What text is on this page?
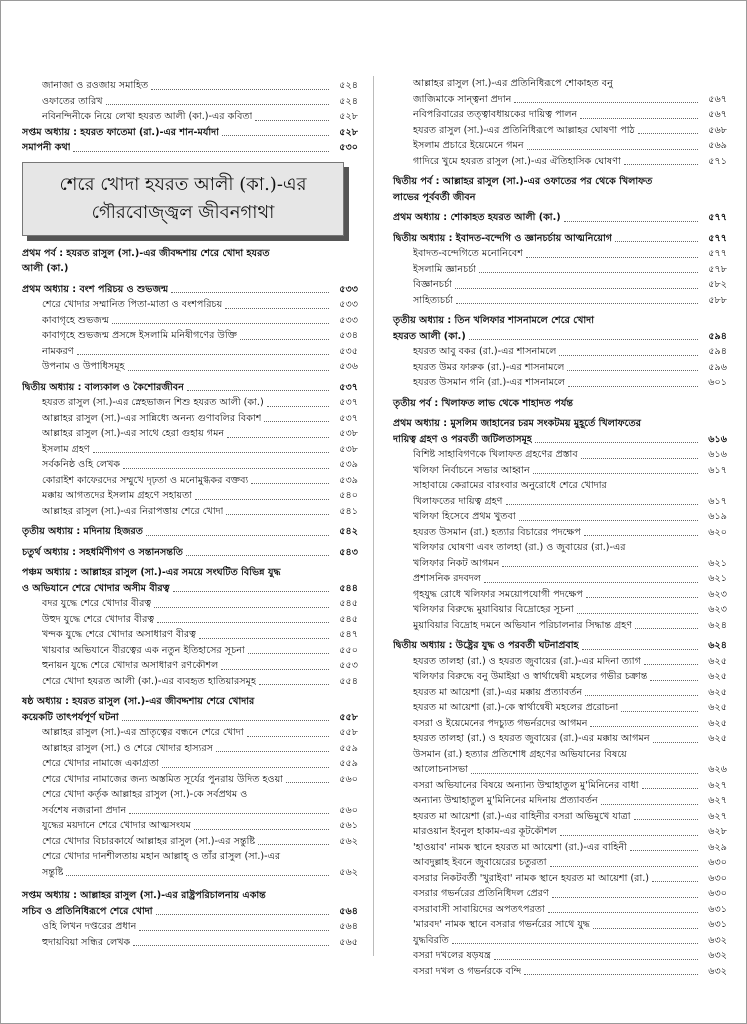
জানাজা ও রওজায় সমাহিত	৫২৪
ওফাতের তারিখ	৫২৪
নবিনন্দিনীকে নিয়ে লেখা হযরত আলী (কা.)-এর কবিতা	৫২৮
সপ্তম অধ্যায় : হযরত ফাতেমা (রা.)-এর শান-মর্যাদা	৫২৮
সমাপনী কথা	৫৩০
শেরে খোদা হযরত আলী (কা.)-এর
গৌরবোজ্জ্বল জীবনগাথা
প্রথম পর্ব : হযরত রাসুল (সা.)-এর জীবদ্দশায় শেরে খোদা হযরত
আলী (কা.)
প্রথম অধ্যায় : বংশ পরিচয় ও শুভজন্ম	৫৩৩
শেরে খোদার সম্মানিত পিতা-মাতা ও বংশপরিচয়	৫৩৩
কাবাগৃহে শুভজন্ম	৫৩৩
কাবাগৃহে শুভজন্ম প্রসঙ্গে ইসলামি মনিষীগণের উক্তি	৫৩৪
নামকরণ	৫৩৫
উপনাম ও উপাধিসমূহ	৫৩৬
দ্বিতীয় অধ্যায় : বাল্যকাল ও কৈশোরজীবন	৫৩৭
হযরত রাসুল (সা.)-এর স্নেহভাজন শিশু হযরত আলী (কা.)	৫৩৭
আল্লাহর রাসুল (সা.)-এর সান্নিধ্যে অনন্য গুণাবলির বিকাশ	৫৩৭
আল্লাহর রাসুল (সা.)-এর সাথে হেরা গুহায় গমন	৫৩৮
ইসলাম গ্রহণ	৫৩৮
সর্বকনিষ্ঠ ওহি লেখক	৫৩৯
কোরাইশ কাফেরদের সম্মুখে দৃঢ়তা ও মনোমুগ্ধকর বক্তব্য	৫৩৯
মক্কায় আগতদের ইসলাম গ্রহণে সহায়তা	৫৪০
আল্লাহর রাসুল (সা.)-এর নিরাপত্তায় শেরে খোদা	৫৪১
তৃতীয় অধ্যায় : মদিনায় হিজরত	৫৪২
চতুর্থ অধ্যায় : সহধর্মিণীগণ ও সন্তানসন্ততি	৫৪৩
পঞ্চম অধ্যায় : আল্লাহর রাসুল (সা.)-এর সময়ে সংঘটিত বিভিন্ন যুদ্ধ
ও অভিযানে শেরে খোদার অসীম বীরত্ব	৫৪৪
বদর যুদ্ধে শেরে খোদার বীরত্ব	৫৪৫
উহুদ যুদ্ধে শেরে খোদার বীরত্ব	৫৪৫
খন্দক যুদ্ধে শেরে খোদার অসাধারণ বীরত্ব	৫৪৭
খায়বার অভিযানে বীরত্বের এক নতুন ইতিহাসের সূচনা	৫৫০
হুনায়ন যুদ্ধে শেরে খোদার অসাধারণ রণকৌশল	৫৫৩
শেরে খোদা হযরত আলী (কা.)-এর ব্যবহৃত হাতিয়ারসমূহ	৫৫৪
ষষ্ঠ অধ্যায় : হযরত রাসুল (সা.)-এর জীবদ্দশায় শেরে খোদার
কয়েকটি তাৎপর্যপূর্ণ ঘটনা	৫৫৮
আল্লাহর রাসুল (সা.)-এর ভ্রাতৃত্বের বন্ধনে শেরে খোদা	৫৫৮
আল্লাহর রাসুল (সা.) ও শেরে খোদার হাস্যরস	৫৫৯
শেরে খোদার নামাজে একাগ্রতা	৫৫৯
শেরে খোদার নামাজের জন্য অস্তমিত সূর্যের পুনরায় উদিত হওয়া	৫৬০
শেরে খোদা কর্তৃক আল্লাহর রাসুল (সা.)-কে সর্বপ্রথম ও
সর্বশেষ নজরানা প্রদান	৫৬০
যুদ্ধের ময়দানে শেরে খোদার আত্মসংযম	৫৬১
শেরে খোদার বিচারকার্যে আল্লাহর রাসুল (সা.)-এর সন্তুষ্টি	৫৬২
শেরে খোদার দানশীলতায় মহান আল্লাহ্ ও তাঁর রাসুল (সা.)-এর
সন্তুষ্টি	৫৬২
সপ্তম অধ্যায় : আল্লাহর রাসুল (সা.)-এর রাষ্ট্রপরিচালনায় একান্ত
সচিব ও প্রতিনিধিরূপে শেরে খোদা	৫৬৪
ওহি লিখন দপ্তরের প্রধান	৫৬৪
হুদায়বিয়া সন্ধির লেখক	৫৬৫
আল্লাহর রাসুল (সা.)-এর প্রতিনিধিরূপে শোকাহত বনু
জাজিমাকে সান্ত্বনা প্রদান	৫৬৭
নবিপরিবারের তত্ত্বাবধায়কের দায়িত্ব পালন	৫৬৭
হযরত রাসুল (সা.)-এর প্রতিনিধিরূপে আল্লাহর ঘোষণা পাঠ	৫৬৮
ইসলাম প্রচারে ইয়েমেনে গমন	৫৬৯
গাদিরে খুমে হযরত রাসুল (সা.)-এর ঐতিহাসিক ঘোষণা	৫৭১
দ্বিতীয় পর্ব : আল্লাহর রাসুল (সা.)-এর ওফাতের পর থেকে খিলাফত
লাভের পূর্ববর্তী জীবন
প্রথম অধ্যায় : শোকাহত হযরত আলী (কা.)	৫৭৭
দ্বিতীয় অধ্যায় : ইবাদত-বন্দেগি ও জ্ঞানচর্চায় আত্মনিয়োগ	৫৭৭
ইবাদত-বন্দেগিতে মনোনিবেশ	৫৭৭
ইসলামি জ্ঞানচর্চা	৫৭৮
বিজ্ঞানচর্চা	৫৮২
সাহিত্যচর্চা	৫৮৮
তৃতীয় অধ্যায় : তিন খলিফার শাসনামলে শেরে খোদা
হযরত আলী (কা.)	৫৯৪
হযরত আবু বকর (রা.)-এর শাসনামলে	৫৯৪
হযরত উমর ফারুক (রা.)-এর শাসনামলে	৫৯৬
হযরত উসমান গনি (রা.)-এর শাসনামলে	৬০১
তৃতীয় পর্ব : খিলাফত লাভ থেকে শাহাদত পর্যন্ত
প্রথম অধ্যায় : মুসলিম জাহানের চরম সংকটময় মুহূর্তে খিলাফতের
দায়িত্ব গ্রহণ ও পরবর্তী জটিলতাসমূহ	৬১৬
বিশিষ্ট সাহাবিগণকে খিলাফত গ্রহণের প্রস্তাব	৬১৬
খলিফা নির্বাচনে সভার আহ্বান	৬১৭
সাহাবায়ে কেরামের বারংবার অনুরোধে শেরে খোদার
খিলাফতের দায়িত্ব গ্রহণ	৬১৭
খলিফা হিসেবে প্রথম খুতবা	৬১৯
হযরত উসমান (রা.) হত্যার বিচারের পদক্ষেপ	৬২০
খলিফার ঘোষণা এবং তালহা (রা.) ও জুবায়ের (রা.)-এর
খলিফার নিকট আগমন	৬২১
প্রশাসনিক রদবদল	৬২১
গৃহযুদ্ধ রোধে খলিফার সময়োপযোগী পদক্ষেপ	৬২৩
খলিফার বিরুদ্ধে মুয়াবিয়ার বিদ্রোহের সূচনা	৬২৩
মুয়াবিয়ার বিদ্রোহ দমনে অভিযান পরিচালনার সিদ্ধান্ত গ্রহণ	৬২৪
দ্বিতীয় অধ্যায় : উষ্ট্রের যুদ্ধ ও পরবর্তী ঘটনাপ্রবাহ	৬২৪
হযরত তালহা (রা.) ও হযরত জুবায়ের (রা.)-এর মদিনা ত্যাগ	৬২৫
খলিফার বিরুদ্ধে বনু উমাইয়া ও স্বার্থান্বেষী মহলের গভীর চক্রান্ত	৬২৫
হযরত মা আয়েশা (রা.)-এর মক্কায় প্রত্যাবর্তন	৬২৫
হযরত মা আয়েশা (রা.)-কে স্বার্থান্বেষী মহলের প্ররোচনা	৬২৫
বসরা ও ইয়েমেনের পদচ্যুত গভর্নরদের আগমন	৬২৫
হযরত তালহা (রা.) ও হযরত জুবায়ের (রা.)-এর মক্কায় আগমন	৬২৫
উসমান (রা.) হত্যার প্রতিশোধ গ্রহণের অভিযানের বিষয়ে
আলোচনাসভা	৬২৬
বসরা অভিযানের বিষয়ে অন্যান্য উম্মাহাতুল মু'মিনিনের বাধা	৬২৭
অন্যান্য উম্মাহাতুল মু'মিনিনের মদিনায় প্রত্যাবর্তন	৬২৭
হযরত মা আয়েশা (রা.)-এর বাহিনীর বসরা অভিমুখে যাত্রা	৬২৭
মারওয়ান ইবনুল হাকাম-এর কূটকৌশল	৬২৮
'হাওয়াব' নামক স্থানে হযরত মা আয়েশা (রা.)-এর বাহিনী	৬২৯
আবদুল্লাহ ইবনে জুবায়েরের চতুরতা	৬৩০
বসরার নিকটবর্তী 'খুরাইবা' নামক স্থানে হযরত মা আয়েশা (রা.)	৬৩০
বসরার গভর্নরের প্রতিনিধিদল প্রেরণ	৬৩০
বসরাবাসী সাবায়িদের অপতৎপরতা	৬৩১
'মারবদ' নামক স্থানে বসরার গভর্নরের সাথে যুদ্ধ	৬৩১
যুদ্ধবিরতি	৬৩২
বসরা দখলের ষড়যন্ত্র	৬৩২
বসরা দখল ও গভর্নরকে বন্দি	৬৩২
